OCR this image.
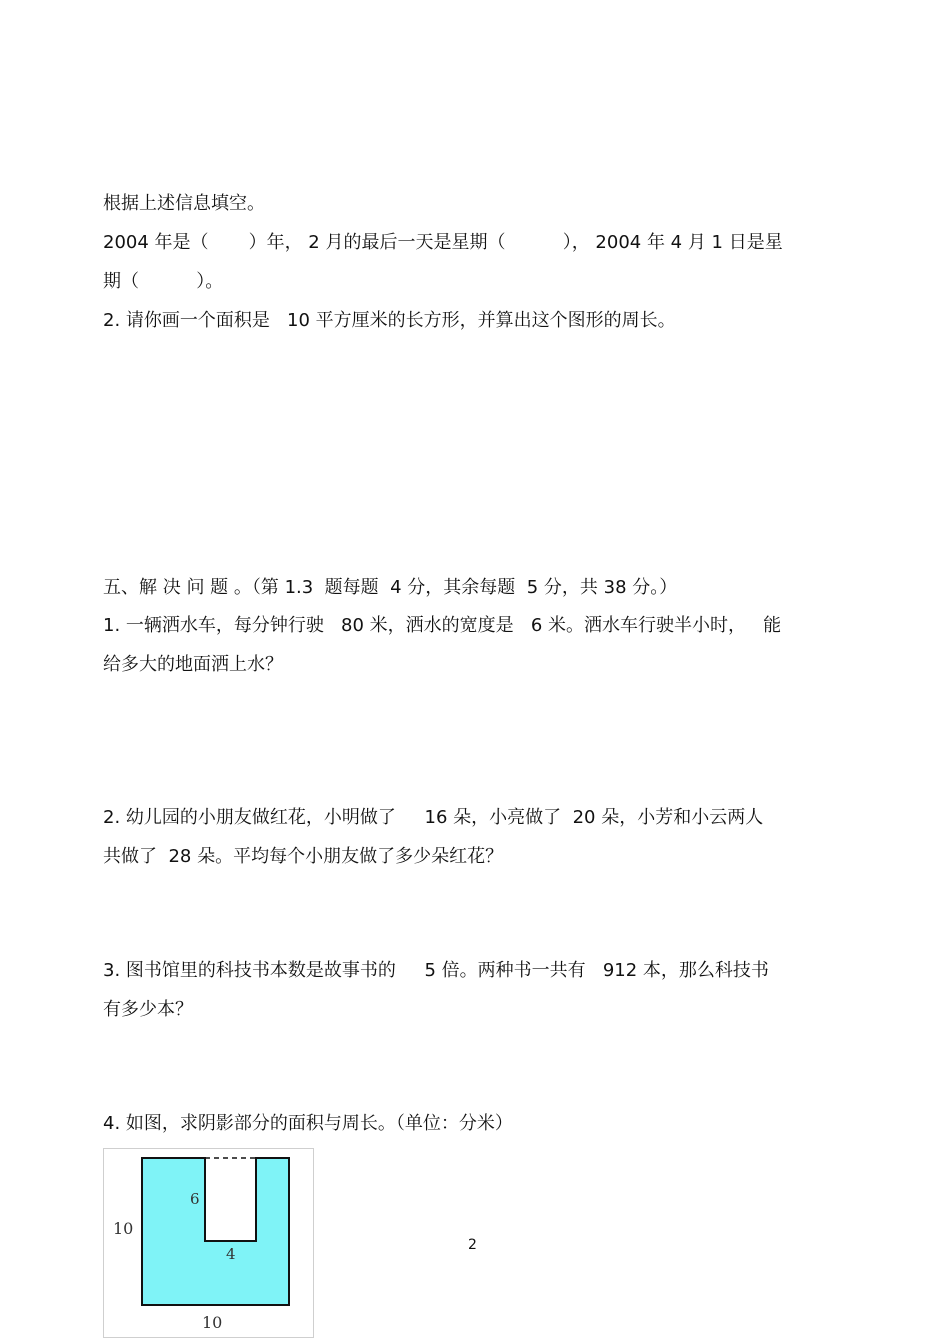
根据上述信息填空。
2004 年是（       ）年， 2 月的最后一天是星期（          ）， 2004 年 4 月 1 日是星
期（          ）。
2. 请你画一个面积是   10 平方厘米的长方形，并算出这个图形的周长。
五、解 决 问 题 。（第 1.3  题每题  4 分，其余每题  5 分，共 38 分。）
1. 一辆洒水车，每分钟行驶   80 米，洒水的宽度是   6 米。洒水车行驶半小时，   能
给多大的地面洒上水？
2. 幼儿园的小朋友做红花，小明做了     16 朵，小亮做了  20 朵，小芳和小云两人
共做了  28 朵。平均每个小朋友做了多少朵红花？
3. 图书馆里的科技书本数是故事书的     5 倍。两种书一共有   912 本，那么科技书
有多少本？
4. 如图，求阴影部分的面积与周长。（单位：分米）
10
6
4
10
2
